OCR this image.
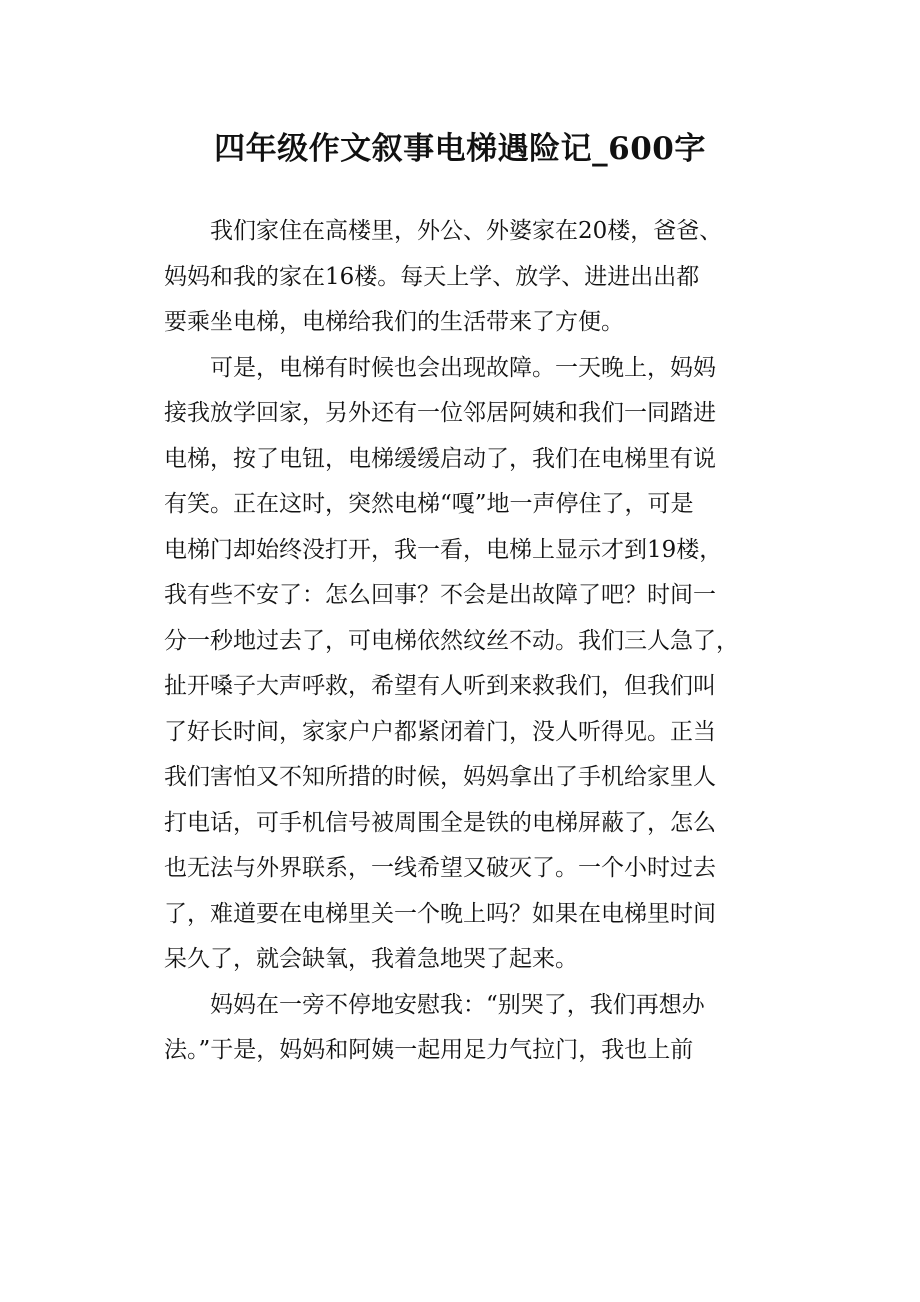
四年级作文叙事电梯遇险记_600字
我们家住在高楼里，外公、外婆家在20楼，爸爸、
妈妈和我的家在16楼。每天上学、放学、进进出出都
要乘坐电梯，电梯给我们的生活带来了方便。
可是，电梯有时候也会出现故障。一天晚上，妈妈
接我放学回家，另外还有一位邻居阿姨和我们一同踏进
电梯，按了电钮，电梯缓缓启动了，我们在电梯里有说
有笑。正在这时，突然电梯“嘎”地一声停住了，可是
电梯门却始终没打开，我一看，电梯上显示才到19楼，
我有些不安了：怎么回事？不会是出故障了吧？时间一
分一秒地过去了，可电梯依然纹丝不动。我们三人急了，
扯开嗓子大声呼救，希望有人听到来救我们，但我们叫
了好长时间，家家户户都紧闭着门，没人听得见。正当
我们害怕又不知所措的时候，妈妈拿出了手机给家里人
打电话，可手机信号被周围全是铁的电梯屏蔽了，怎么
也无法与外界联系，一线希望又破灭了。一个小时过去
了，难道要在电梯里关一个晚上吗？如果在电梯里时间
呆久了，就会缺氧，我着急地哭了起来。
妈妈在一旁不停地安慰我：“别哭了，我们再想办
法。”于是，妈妈和阿姨一起用足力气拉门，我也上前
